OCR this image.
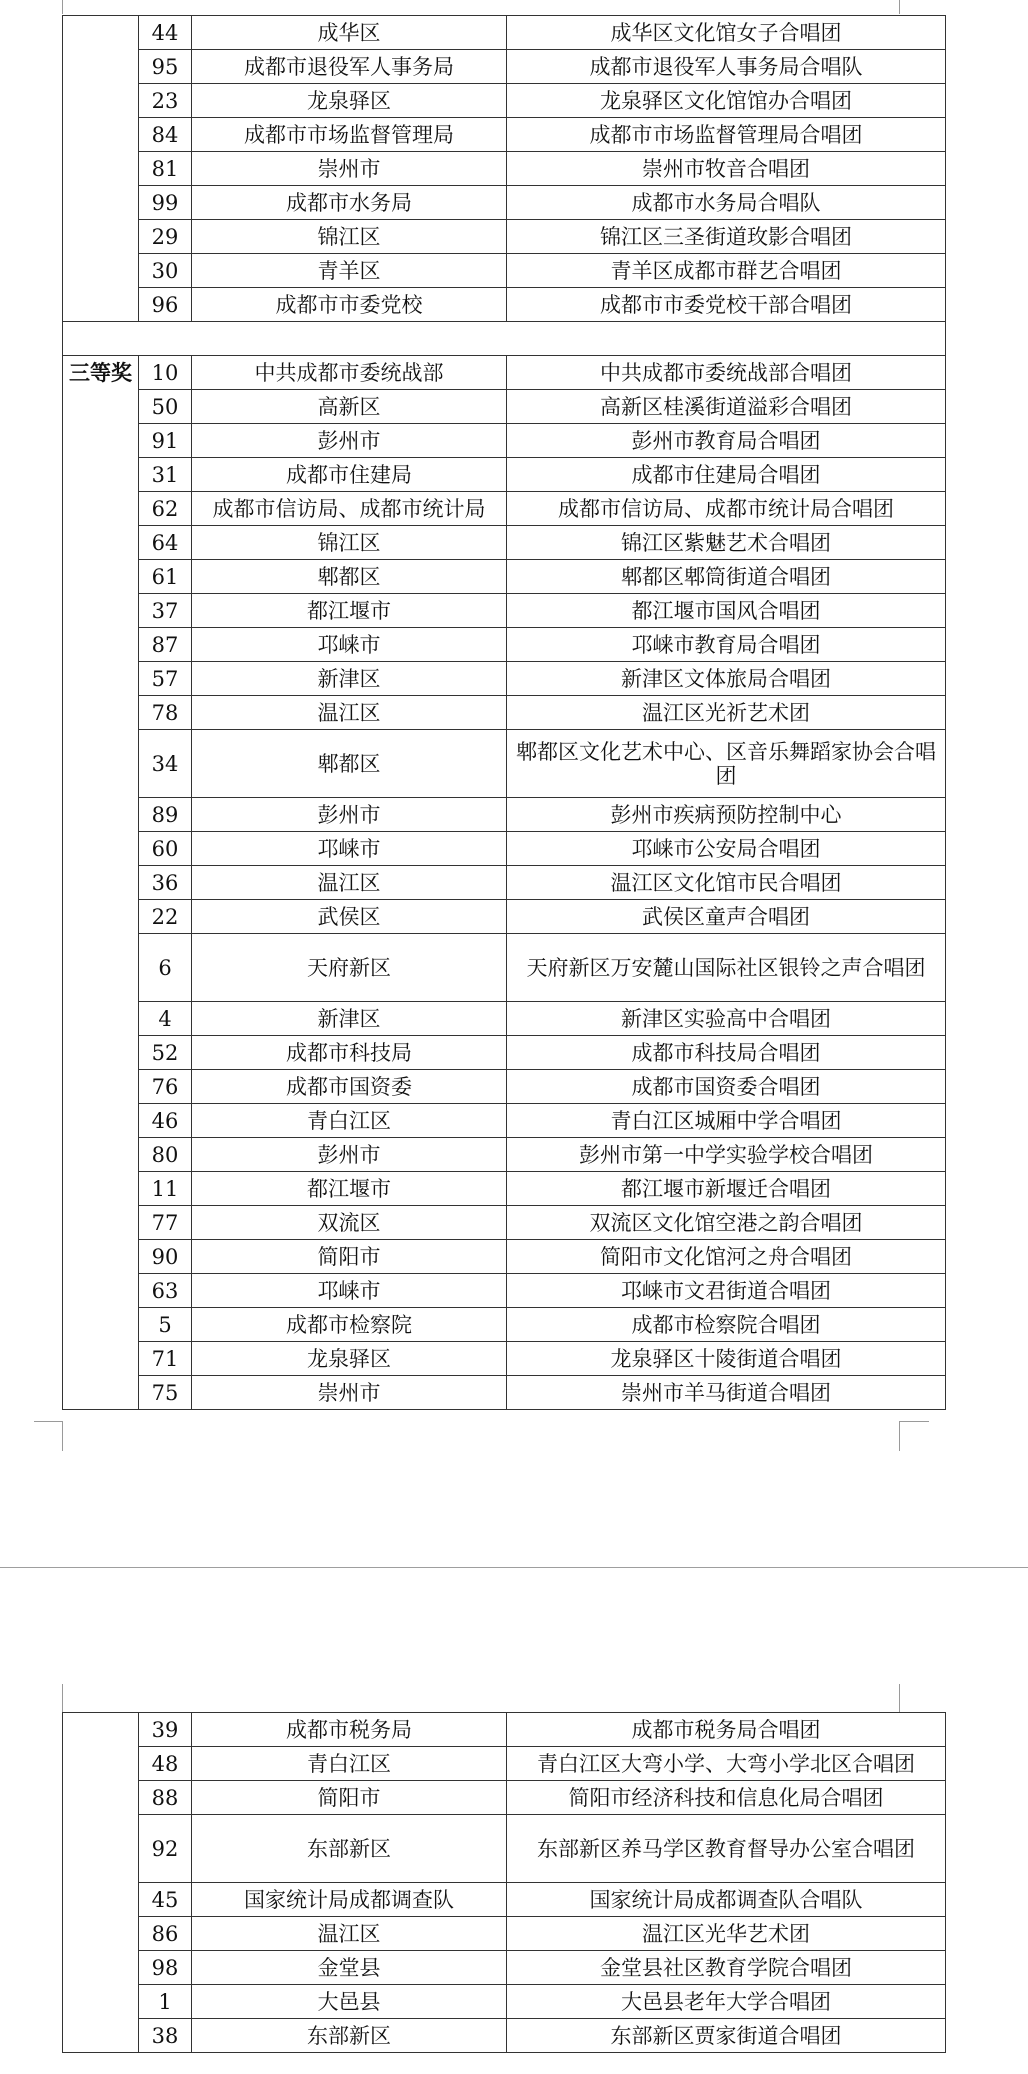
	44	成华区	成华区文化馆女子合唱团
	95	成都市退役军人事务局	成都市退役军人事务局合唱队
	23	龙泉驿区	龙泉驿区文化馆馆办合唱团
	84	成都市市场监督管理局	成都市市场监督管理局合唱团
	81	崇州市	崇州市牧音合唱团
	99	成都市水务局	成都市水务局合唱队
	29	锦江区	锦江区三圣街道玫影合唱团
	30	青羊区	青羊区成都市群艺合唱团
	96	成都市市委党校	成都市市委党校干部合唱团

三等奖	10	中共成都市委统战部	中共成都市委统战部合唱团
	50	高新区	高新区桂溪街道溢彩合唱团
	91	彭州市	彭州市教育局合唱团
	31	成都市住建局	成都市住建局合唱团
	62	成都市信访局、成都市统计局	成都市信访局、成都市统计局合唱团
	64	锦江区	锦江区紫魅艺术合唱团
	61	郫都区	郫都区郫筒街道合唱团
	37	都江堰市	都江堰市国风合唱团
	87	邛崃市	邛崃市教育局合唱团
	57	新津区	新津区文体旅局合唱团
	78	温江区	温江区光祈艺术团
	34	郫都区	郫都区文化艺术中心、区音乐舞蹈家协会合唱团
	89	彭州市	彭州市疾病预防控制中心
	60	邛崃市	邛崃市公安局合唱团
	36	温江区	温江区文化馆市民合唱团
	22	武侯区	武侯区童声合唱团
	6	天府新区	天府新区万安麓山国际社区银铃之声合唱团
	4	新津区	新津区实验高中合唱团
	52	成都市科技局	成都市科技局合唱团
	76	成都市国资委	成都市国资委合唱团
	46	青白江区	青白江区城厢中学合唱团
	80	彭州市	彭州市第一中学实验学校合唱团
	11	都江堰市	都江堰市新堰迁合唱团
	77	双流区	双流区文化馆空港之韵合唱团
	90	简阳市	简阳市文化馆河之舟合唱团
	63	邛崃市	邛崃市文君街道合唱团
	5	成都市检察院	成都市检察院合唱团
	71	龙泉驿区	龙泉驿区十陵街道合唱团
	75	崇州市	崇州市羊马街道合唱团
	39	成都市税务局	成都市税务局合唱团
	48	青白江区	青白江区大弯小学、大弯小学北区合唱团
	88	简阳市	简阳市经济科技和信息化局合唱团
	92	东部新区	东部新区养马学区教育督导办公室合唱团
	45	国家统计局成都调查队	国家统计局成都调查队合唱队
	86	温江区	温江区光华艺术团
	98	金堂县	金堂县社区教育学院合唱团
	1	大邑县	大邑县老年大学合唱团
	38	东部新区	东部新区贾家街道合唱团
